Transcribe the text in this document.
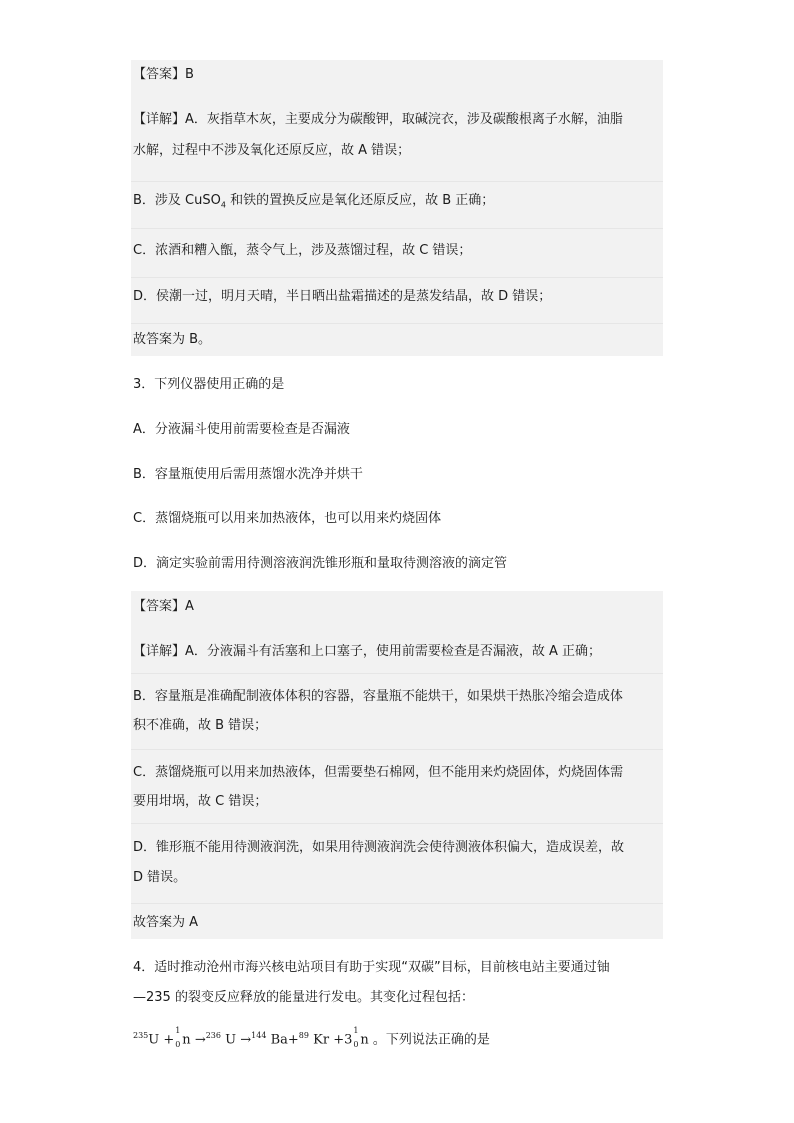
【答案】B
【详解】A．灰指草木灰，主要成分为碳酸钾，取碱浣衣，涉及碳酸根离子水解，油脂
水解，过程中不涉及氧化还原反应，故 A 错误；
B．涉及 CuSO$_4$ 和铁的置换反应是氧化还原反应，故 B 正确；
C．浓酒和糟入甑，蒸令气上，涉及蒸馏过程，故 C 错误；
D．侯潮一过，明月天晴，半日晒出盐霜描述的是蒸发结晶，故 D 错误；
故答案为 B。
3．下列仪器使用正确的是
A．分液漏斗使用前需要检查是否漏液
B．容量瓶使用后需用蒸馏水洗净并烘干
C．蒸馏烧瓶可以用来加热液体，也可以用来灼烧固体
D．滴定实验前需用待测溶液润洗锥形瓶和量取待测溶液的滴定管
【答案】A
【详解】A．分液漏斗有活塞和上口塞子，使用前需要检查是否漏液，故 A 正确；
B．容量瓶是准确配制液体体积的容器，容量瓶不能烘干，如果烘干热胀冷缩会造成体
积不准确，故 B 错误；
C．蒸馏烧瓶可以用来加热液体，但需要垫石棉网，但不能用来灼烧固体，灼烧固体需
要用坩埚，故 C 错误；
D．锥形瓶不能用待测液润洗，如果用待测液润洗会使待测液体积偏大，造成误差，故
D 错误。
故答案为 A
4．适时推动沧州市海兴核电站项目有助于实现“双碳”目标，目前核电站主要通过铀
—235 的裂变反应释放的能量进行发电。其变化过程包括：
$^{235}$U +
1
0 n →$^{236}$ U →$^{144}$ Ba+$^{89}$ Kr +3
1
0 n 。下列说法正确的是
